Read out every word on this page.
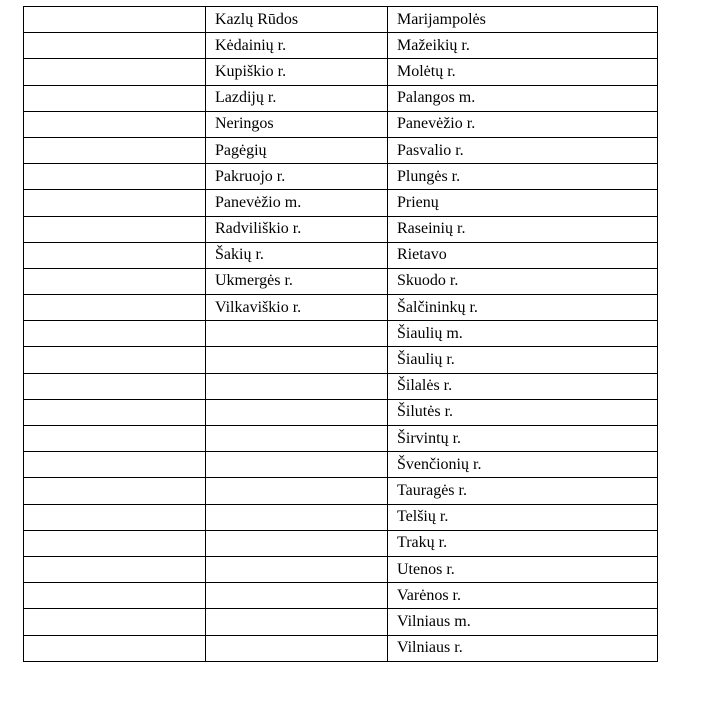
	Kazlų Rūdos	Marijampolės
	Kėdainių r.	Mažeikių r.
	Kupiškio r.	Molėtų r.
	Lazdijų r.	Palangos m.
	Neringos	Panevėžio r.
	Pagėgių	Pasvalio r.
	Pakruojo r.	Plungės r.
	Panevėžio m.	Prienų
	Radviliškio r.	Raseinių r.
	Šakių r.	Rietavo
	Ukmergės r.	Skuodo r.
	Vilkaviškio r.	Šalčininkų r.
		Šiaulių m.
		Šiaulių r.
		Šilalės r.
		Šilutės r.
		Širvintų r.
		Švenčionių r.
		Tauragės r.
		Telšių r.
		Trakų r.
		Utenos r.
		Varėnos r.
		Vilniaus m.
		Vilniaus r.
